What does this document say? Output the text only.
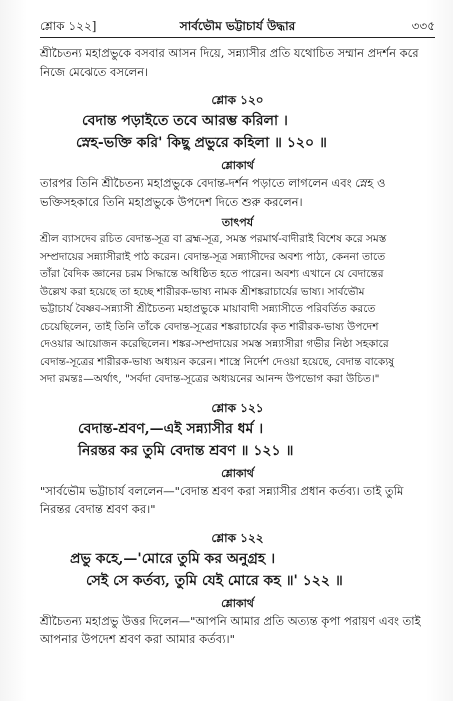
শ্লোক ১২২]	সার্বভৌম ভট্টাচার্য উদ্ধার	৩৩৫
শ্রীচৈতন্য মহাপ্রভুকে বসবার আসন দিয়ে, সন্ন্যাসীর প্রতি যথোচিত সম্মান প্রদর্শন করে
নিজে মেঝেতে বসলেন।
শ্লোক ১২০
বেদান্ত পড়াইতে তবে আরম্ভ করিলা ।
স্নেহ-ভক্তি করি' কিছু প্রভুরে কহিলা ॥ ১২০ ॥
শ্লোকার্থ
তারপর তিনি শ্রীচৈতন্য মহাপ্রভুকে বেদান্ত-দর্শন পড়াতে লাগলেন এবং স্নেহ ও
ভক্তিসহকারে তিনি মহাপ্রভুকে উপদেশ দিতে শুরু করলেন।
তাৎপর্য
শ্রীল ব্যাসদেব রচিত বেদান্ত-সূত্র বা ব্রহ্ম-সূত্র, সমস্ত পরমার্থ-বাদীরাই বিশেষ করে সমস্ত
সম্প্রদায়ের সন্ন্যাসীরাই পাঠ করেন। বেদান্ত-সূত্র সন্ন্যাসীদের অবশ্য পাঠ্য, কেননা তাতে
তাঁরা বৈদিক জ্ঞানের চরম সিদ্ধান্তে অধিষ্ঠিত হতে পারেন। অবশ্য এখানে যে বেদান্তের
উল্লেখ করা হয়েছে তা হচ্ছে শারীরক-ভাষ্য নামক শ্রীশঙ্করাচার্যের ভাষ্য। সার্বভৌম
ভট্টাচার্য বৈষ্ণব-সন্ন্যাসী শ্রীচৈতন্য মহাপ্রভুকে মায়াবাদী সন্ন্যাসীতে পরিবর্তিত করতে
চেয়েছিলেন, তাই তিনি তাঁকে বেদান্ত-সূত্রের শঙ্করাচার্যের কৃত শারীরক-ভাষ্য উপদেশ
দেওয়ার আয়োজন করেছিলেন। শঙ্কর-সম্প্রদায়ের সমস্ত সন্ন্যাসীরা গভীর নিষ্ঠা সহকারে
বেদান্ত-সূত্রের শারীরক-ভাষ্য অধ্যয়ন করেন। শাস্ত্রে নির্দেশ দেওয়া হয়েছে, বেদান্ত বাক্যেষু
সদা রমন্তঃ—অর্থাৎ, "সর্বদা বেদান্ত-সূত্রের অধ্যয়নের আনন্দ উপভোগ করা উচিত।"
শ্লোক ১২১
বেদান্ত-শ্রবণ,—এই সন্ন্যাসীর ধর্ম ।
নিরন্তর কর তুমি বেদান্ত শ্রবণ ॥ ১২১ ॥
শ্লোকার্থ
"সার্বভৌম ভট্টাচার্য বললেন—"বেদান্ত শ্রবণ করা সন্ন্যাসীর প্রধান কর্তব্য। তাই তুমি
নিরন্তর বেদান্ত শ্রবণ কর।"
শ্লোক ১২২
প্রভু কহে,—'মোরে তুমি কর অনুগ্রহ ।
সেই সে কর্তব্য, তুমি যেই মোরে কহ ॥' ১২২ ॥
শ্লোকার্থ
শ্রীচৈতন্য মহাপ্রভু উত্তর দিলেন—"আপনি আমার প্রতি অত্যন্ত কৃপা পরায়ণ এবং তাই
আপনার উপদেশ শ্রবণ করা আমার কর্তব্য।"
